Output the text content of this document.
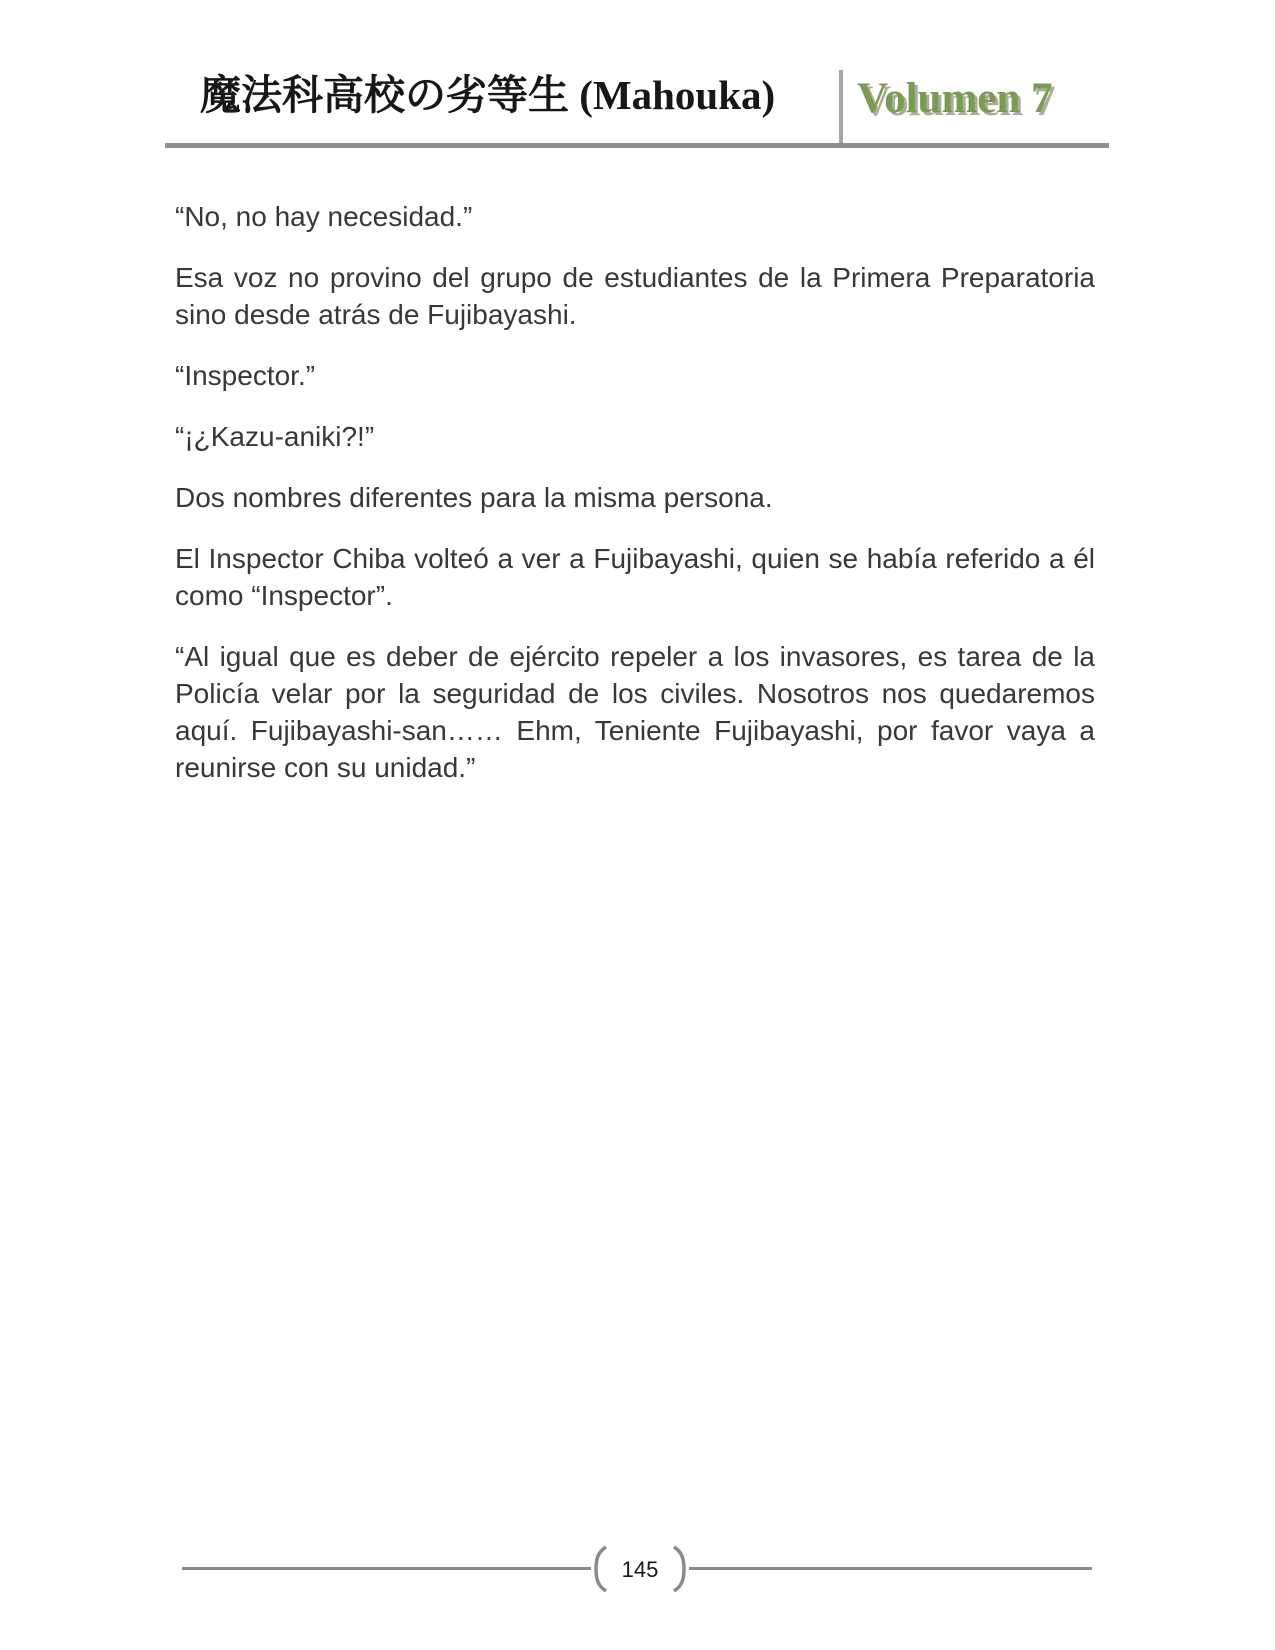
魔法科高校の劣等生 (Mahouka) Volumen 7

“No, no hay necesidad.”

Esa voz no provino del grupo de estudiantes de la Primera Preparatoria sino desde atrás de Fujibayashi.

“Inspector.”

“¡¿Kazu-aniki?!”

Dos nombres diferentes para la misma persona.

El Inspector Chiba volteó a ver a Fujibayashi, quien se había referido a él como “Inspector”.

“Al igual que es deber de ejército repeler a los invasores, es tarea de la Policía velar por la seguridad de los civiles. Nosotros nos quedaremos aquí. Fujibayashi-san…… Ehm, Teniente Fujibayashi, por favor vaya a reunirse con su unidad.”

145
